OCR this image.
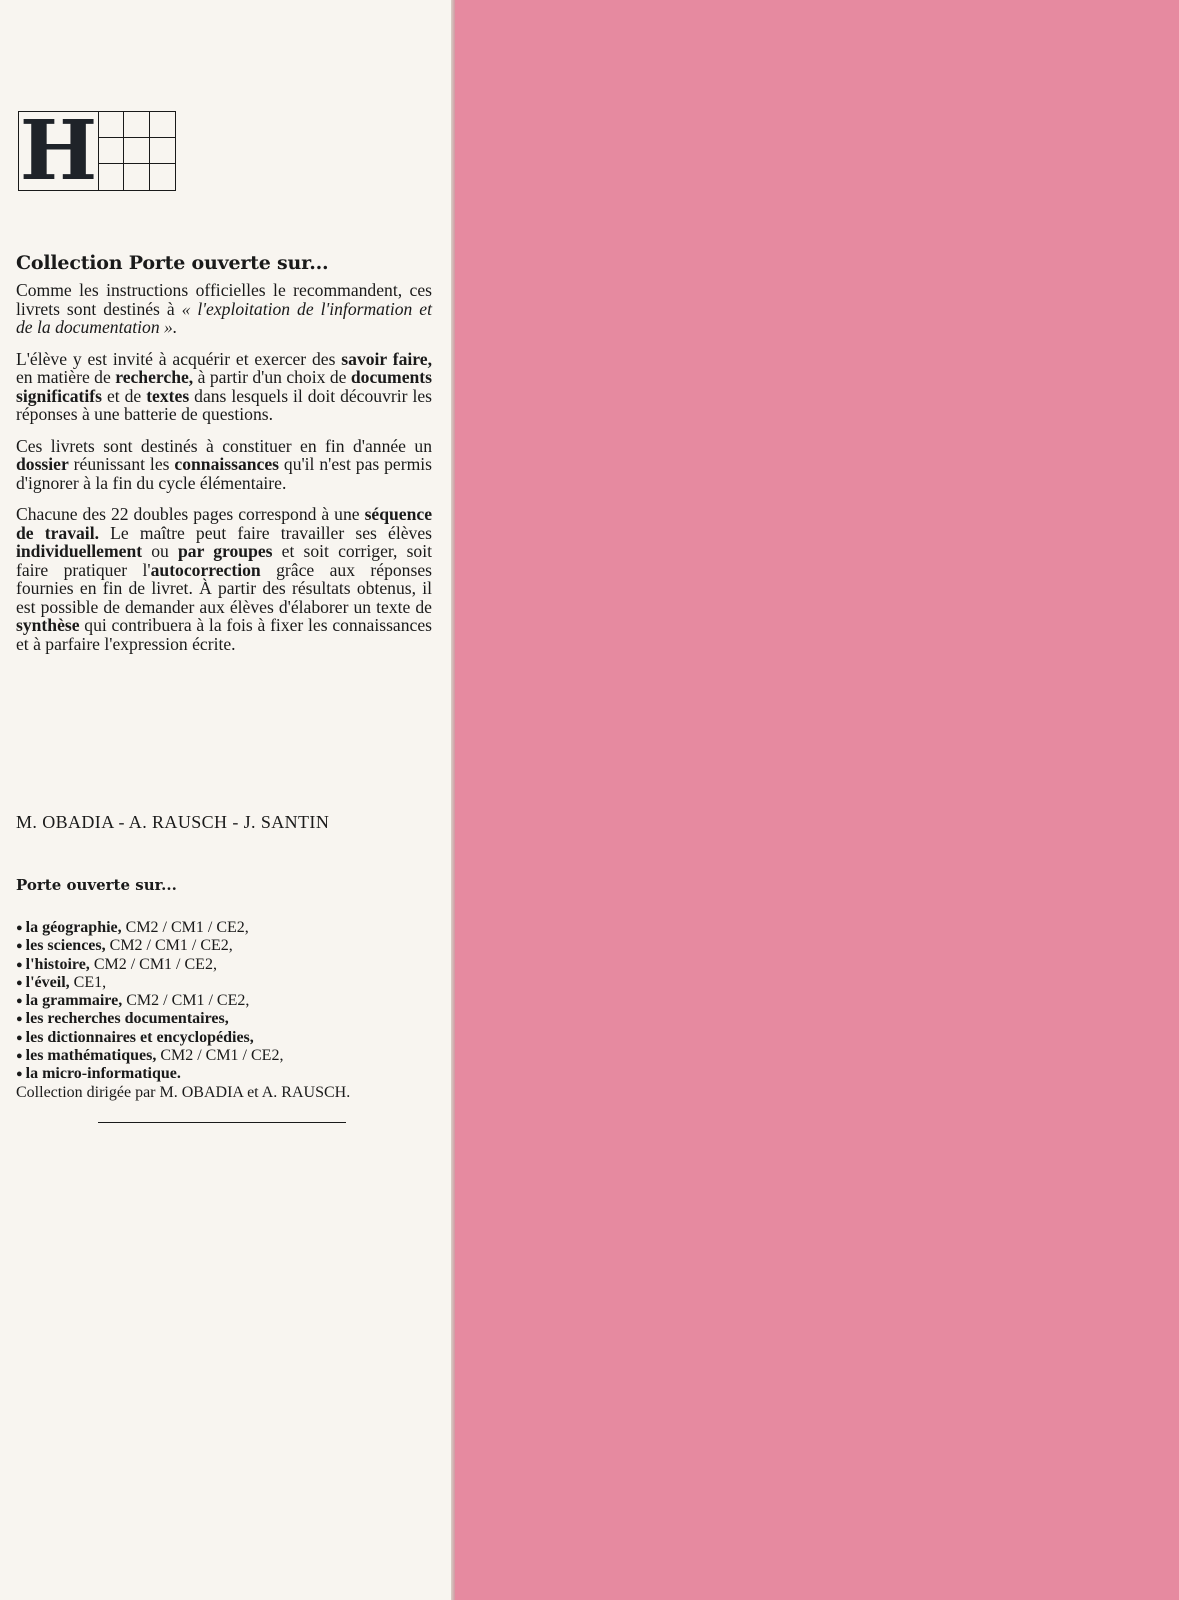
H
Collection Porte ouverte sur...

Comme les instructions officielles le recommandent, ces livrets sont destinés à « l'exploitation de l'information et de la documentation ».

L'élève y est invité à acquérir et exercer des savoir faire, en matière de recherche, à partir d'un choix de documents significatifs et de textes dans lesquels il doit découvrir les réponses à une batterie de questions.

Ces livrets sont destinés à constituer en fin d'année un dossier réunissant les connaissances qu'il n'est pas permis d'ignorer à la fin du cycle élémentaire.

Chacune des 22 doubles pages correspond à une séquence de travail. Le maître peut faire travailler ses élèves individuellement ou par groupes et soit corriger, soit faire pratiquer l'autocorrection grâce aux réponses fournies en fin de livret. À partir des résultats obtenus, il est possible de demander aux élèves d'élaborer un texte de synthèse qui contribuera à la fois à fixer les connaissances et à parfaire l'expression écrite.

M. OBADIA - A. RAUSCH - J. SANTIN
Porte ouverte sur...
● la géographie, CM2 / CM1 / CE2,
● les sciences, CM2 / CM1 / CE2,
● l'histoire, CM2 / CM1 / CE2,
● l'éveil, CE1,
● la grammaire, CM2 / CM1 / CE2,
● les recherches documentaires,
● les dictionnaires et encyclopédies,
● les mathématiques, CM2 / CM1 / CE2,
● la micro-informatique.
Collection dirigée par M. OBADIA et A. RAUSCH.
